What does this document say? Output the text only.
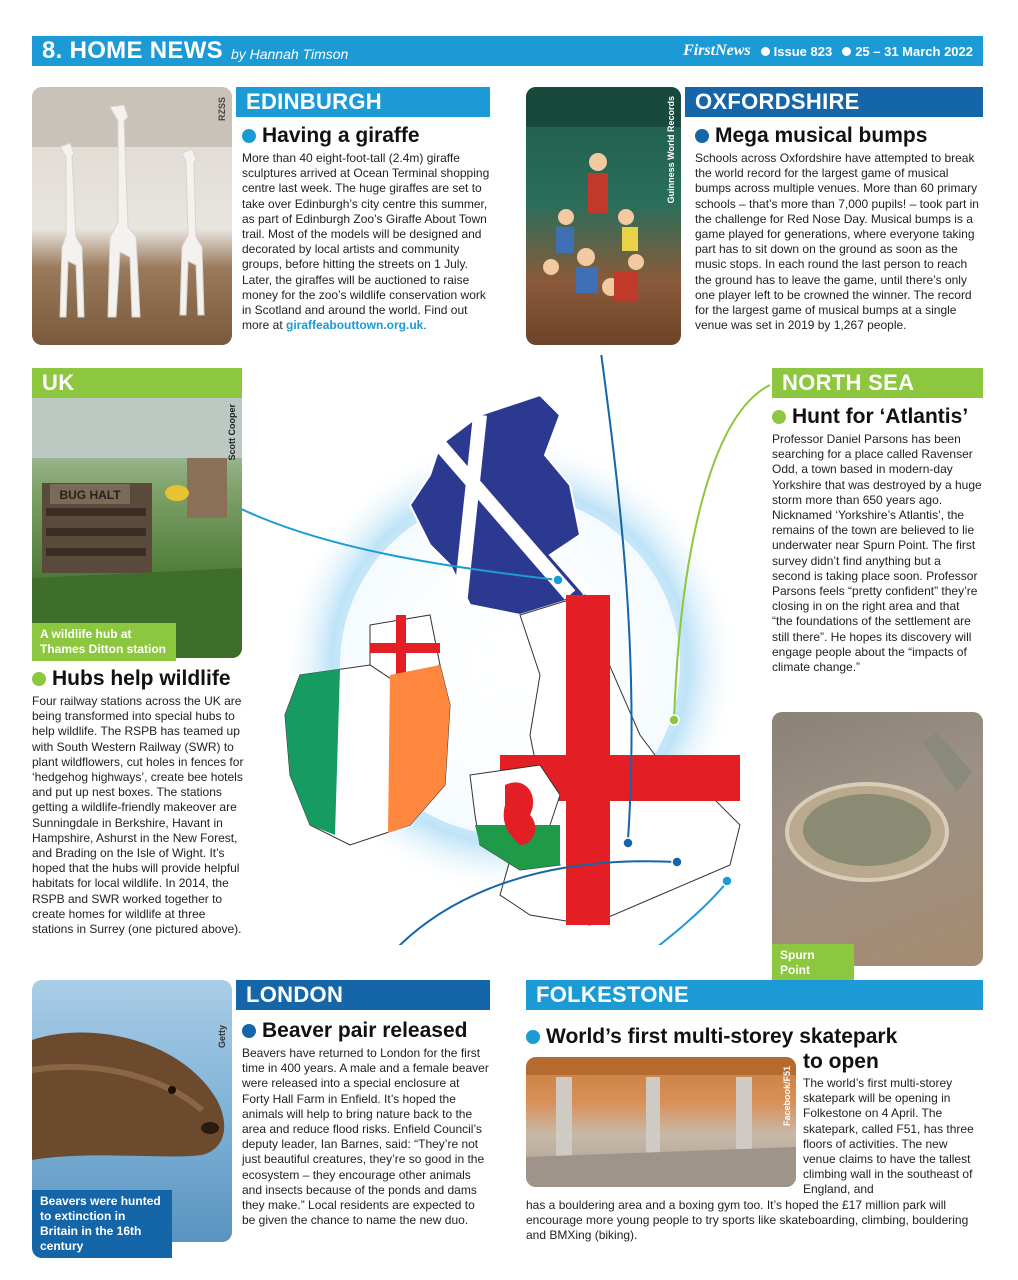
8. HOME NEWS by Hannah Timson	FirstNews	Issue 823	25 – 31 March 2022
RZSS EDINBURGH
Having a giraffe
More than 40 eight-foot-tall (2.4m) giraffe sculptures arrived at Ocean Terminal shopping centre last week. The huge giraffes are set to take over Edinburgh’s city centre this summer, as part of Edinburgh Zoo’s Giraffe About Town trail. Most of the models will be designed and decorated by local artists and community groups, before hitting the streets on 1 July. Later, the giraffes will be auctioned to raise money for the zoo’s wildlife conservation work in Scotland and around the world. Find out more at giraffeabouttown.org.uk.
Guinness World Records OXFORDSHIRE
Mega musical bumps
Schools across Oxfordshire have attempted to break the world record for the largest game of musical bumps across multiple venues. More than 60 primary schools – that’s more than 7,000 pupils! – took part in the challenge for Red Nose Day. Musical bumps is a game played for generations, where everyone taking part has to sit down on the ground as soon as the music stops. In each round the last person to reach the ground has to leave the game, until there’s only one player left to be crowned the winner. The record for the largest game of musical bumps at a single venue was set in 2019 by 1,267 people.
UK
BUG HALT
Scott Cooper
A wildlife hub at Thames Ditton station
Hubs help wildlife
Four railway stations across the UK are being transformed into special hubs to help wildlife. The RSPB has teamed up with South Western Railway (SWR) to plant wildflowers, cut holes in fences for ‘hedgehog highways’, create bee hotels and put up nest boxes. The stations getting a wildlife-friendly makeover are Sunningdale in Berkshire, Havant in Hampshire, Ashurst in the New Forest, and Brading on the Isle of Wight. It’s hoped that the hubs will provide helpful habitats for local wildlife. In 2014, the RSPB and SWR worked together to create homes for wildlife at three stations in Surrey (one pictured above).
NORTH SEA
Hunt for ‘Atlantis’
Professor Daniel Parsons has been searching for a place called Ravenser Odd, a town based in modern-day Yorkshire that was destroyed by a huge storm more than 650 years ago. Nicknamed ‘Yorkshire’s Atlantis’, the remains of the town are believed to lie underwater near Spurn Point. The first survey didn’t find anything but a second is taking place soon. Professor Parsons feels “pretty confident” they’re closing in on the right area and that “the foundations of the settlement are still there”. He hopes its discovery will engage people about the “impacts of climate change.”
Spurn Point
Getty
Beavers were hunted to extinction in Britain in the 16th century
LONDON
Beaver pair released
Beavers have returned to London for the first time in 400 years. A male and a female beaver were released into a special enclosure at Forty Hall Farm in Enfield. It’s hoped the animals will help to bring nature back to the area and reduce flood risks. Enfield Council’s deputy leader, Ian Barnes, said: “They’re not just beautiful creatures, they’re so good in the ecosystem – they encourage other animals and insects because of the ponds and dams they make.” Local residents are expected to be given the chance to name the new duo.
FOLKESTONE
World’s first multi-storey skatepark
to open
Facebook/F51 The world’s first multi-storey skatepark will be opening in Folkestone on 4 April. The skatepark, called F51, has three floors of activities. The new venue claims to have the tallest climbing wall in the southeast of England, and
has a bouldering area and a boxing gym too. It’s hoped the £17 million park will encourage more young people to try sports like skateboarding, climbing, bouldering and BMXing (biking).
